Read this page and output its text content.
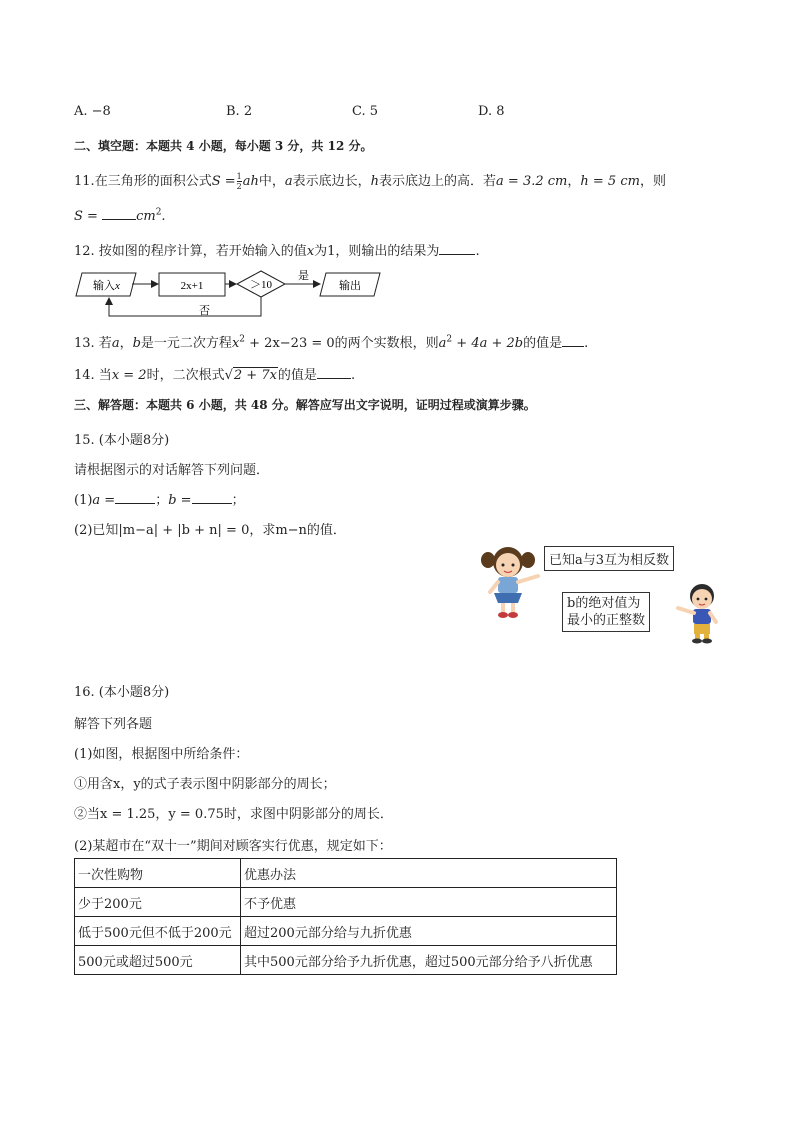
A. −8	B. 2	C. 5	D. 8
二、填空题：本题共 4 小题，每小题 3 分，共 12 分。
11.在三角形的面积公式$S = \frac{1}{2}$ ah中，a表示底边长，h表示底边上的高．若a = 3.2 cm，h = 5 cm，则
S =	$cm^2$.
12. 按如图的程序计算，若开始输入的值x为1，则输出的结果为	.
输入x	2x+1	＞10
是
输出
否
13. 若a，b是一元二次方程$x^2 + 2x-23 = 0$的两个实数根，则$a^2 + 4a + 2b$的值是 .
14. 当x = 2时，二次根式√2 + 7x的值是	.
三、解答题：本题共 6 小题，共 48 分。解答应写出文字说明，证明过程或演算步骤。
15. (本小题8分)
请根据图示的对话解答下列问题．
(1)a =	；b =	；
(2)已知|m−a| + |b + n| = 0，求m−n的值．
已知a与3互为相反数
b的绝对值为
最小的正整数
16. (本小题8分)
解答下列各题
(1)如图，根据图中所给条件：
①用含x，y的式子表示图中阴影部分的周长；
②当x = 1.25，y = 0.75时，求图中阴影部分的周长．
(2)某超市在“双十一”期间对顾客实行优惠，规定如下：
一次性购物	优惠办法
少于200元	不予优惠
低于500元但不低于200元	超过200元部分给与九折优惠
500元或超过500元	其中500元部分给予九折优惠，超过500元部分给予八折优惠
